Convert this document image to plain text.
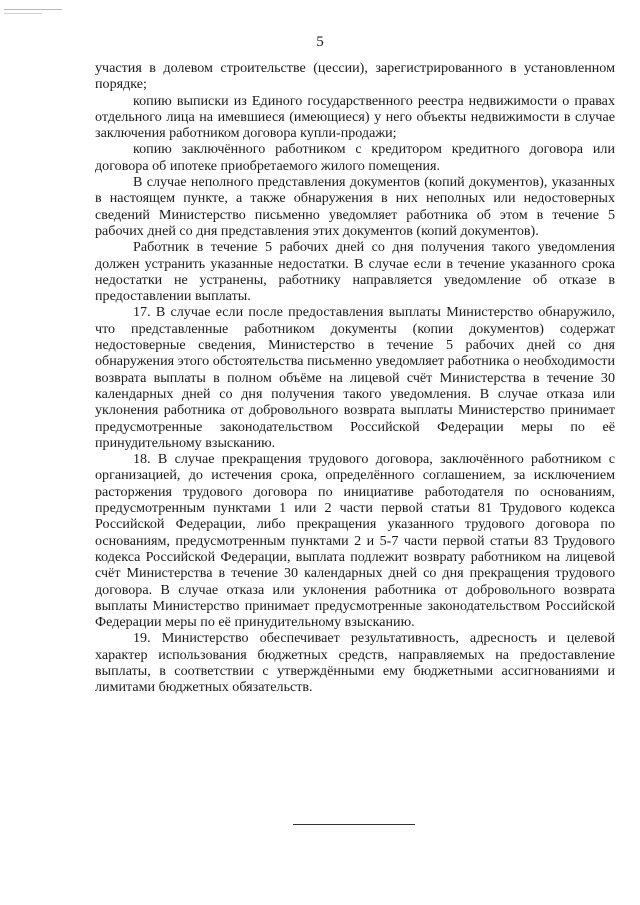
5

участия в долевом строительстве (цессии), зарегистрированного в установленном порядке;

копию выписки из Единого государственного реестра недвижимости о правах отдельного лица на имевшиеся (имеющиеся) у него объекты недвижимости в случае заключения работником договора купли-продажи;

копию заключённого работником с кредитором кредитного договора или договора об ипотеке приобретаемого жилого помещения.

В случае неполного представления документов (копий документов), указанных в настоящем пункте, а также обнаружения в них неполных или недостоверных сведений Министерство письменно уведомляет работника об этом в течение 5 рабочих дней со дня представления этих документов (копий документов).

Работник в течение 5 рабочих дней со дня получения такого уведомления должен устранить указанные недостатки. В случае если в течение указанного срока недостатки не устранены, работнику направляется уведомление об отказе в предоставлении выплаты.

17. В случае если после предоставления выплаты Министерство обнаружило, что представленные работником документы (копии документов) содержат недостоверные сведения, Министерство в течение 5 рабочих дней со дня обнаружения этого обстоятельства письменно уведомляет работника о необходимости возврата выплаты в полном объёме на лицевой счёт Министерства в течение 30 календарных дней со дня получения такого уведомления. В случае отказа или уклонения работника от добровольного возврата выплаты Министерство принимает предусмотренные законодательством Российской Федерации меры по её принудительному взысканию.

18. В случае прекращения трудового договора, заключённого работником с организацией, до истечения срока, определённого соглашением, за исключением расторжения трудового договора по инициативе работодателя по основаниям, предусмотренным пунктами 1 или 2 части первой статьи 81 Трудового кодекса Российской Федерации, либо прекращения указанного трудового договора по основаниям, предусмотренным пунктами 2 и 5-7 части первой статьи 83 Трудового кодекса Российской Федерации, выплата подлежит возврату работником на лицевой счёт Министерства в течение 30 календарных дней со дня прекращения трудового договора. В случае отказа или уклонения работника от добровольного возврата выплаты Министерство принимает предусмотренные законодательством Российской Федерации меры по её принудительному взысканию.

19. Министерство обеспечивает результативность, адресность и целевой характер использования бюджетных средств, направляемых на предоставление выплаты, в соответствии с утверждёнными ему бюджетными ассигнованиями и лимитами бюджетных обязательств.
